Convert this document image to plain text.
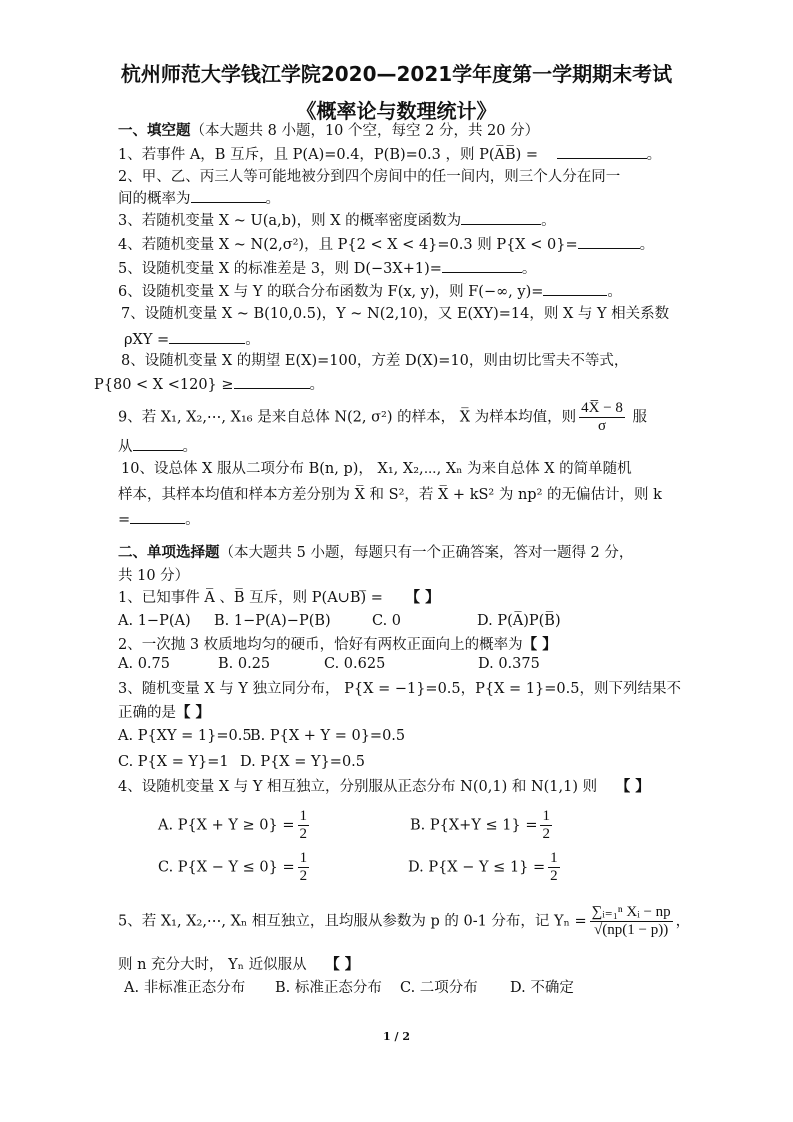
杭州师范大学钱江学院2020—2021学年度第一学期期末考试
《概率论与数理统计》
一、填空题（本大题共 8 小题，10 个空，每空 2 分，共 20 分）
1、若事件 A，B 互斥，且 P(A)=0.4，P(B)=0.3 ，则 P(A̅B̅) =	。
2、甲、乙、丙三人等可能地被分到四个房间中的任一间内，则三个人分在同一
间的概率为	。
3、若随机变量 X ~ U(a,b)，则 X 的概率密度函数为	。
4、若随机变量 X ~ N(2,σ²)，且 P{2 < X < 4}=0.3 则 P{X < 0}=	。
5、设随机变量 X 的标准差是 3，则 D(−3X+1)=	。
6、设随机变量 X 与 Y 的联合分布函数为 F(x, y)，则 F(−∞, y)=	。
7、设随机变量 X ~ B(10,0.5)，Y ~ N(2,10)，又 E(XY)=14，则 X 与 Y 相关系数
ρXY =	。
8、设随机变量 X 的期望 E(X)=100，方差 D(X)=10，则由切比雪夫不等式，
P{80 < X <120} ≥	。
9、若 X₁, X₂,⋯, X₁₆ 是来自总体 N(2, σ²) 的样本， X̅ 为样本均值，则 $\frac{4X̅ - 8}{\sigma}$ 服
从	。
10、设总体 X 服从二项分布 B(n, p)， X₁, X₂,⋯, Xₙ 为来自总体 X 的简单随机
样本，其样本均值和样本方差分别为 X̅ 和 S²，若 X̅ + kS² 为 np² 的无偏估计，则 k
=	。
二、单项选择题（本大题共 5 小题，每题只有一个正确答案，答对一题得 2 分，
共 10 分）
1、已知事件 A̅ 、B̅ 互斥，则 P(A∪B)̅ = 【 】
A. 1−P(A) B. 1−P(A)−P(B)	C. 0	D. P(A̅)P(B̅)
2、一次抛 3 枚质地均匀的硬币，恰好有两枚正面向上的概率为【 】
A. 0.75	B. 0.25	C. 0.625	D. 0.375
3、随机变量 X 与 Y 独立同分布， P{X = −1}=0.5，P{X = 1}=0.5，则下列结果不
正确的是【 】
A. P{XY = 1}=0.5
B. P{X + Y = 0}=0.5
C. P{X = Y}=1 D. P{X = Y}=0.5
4、设随机变量 X 与 Y 相互独立，分别服从正态分布 N(0,1) 和 N(1,1) 则 【 】
A. $P\{X + Y \ge 0\} = \frac{1}{2}$	B. $P\{X+Y \le 1\} = \frac{1}{2}$
C. $P\{X - Y \le 0\} = \frac{1}{2}$	D. $P\{X - Y \le 1\} = \frac{1}{2}$
5、若 X₁, X₂,⋯, Xₙ 相互独立，且均服从参数为 p 的 0-1 分布，记 $Y_n = \frac{\text{∑ᵢ₌₁ⁿ Xᵢ − np}}{√(np(1 - p))}$ ，
则 n 充分大时， Yₙ 近似服从 【 】
A. 非标准正态分布 B. 标准正态分布 C. 二项分布 D. 不确定
1 / 2
